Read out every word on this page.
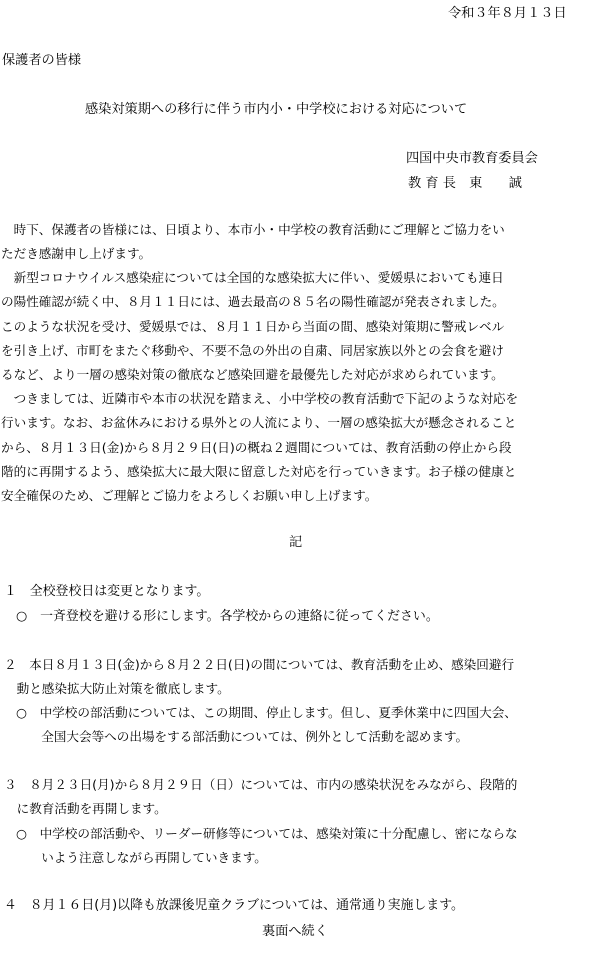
令和３年８月１３日

保護者の皆様

感染対策期への移行に伴う市内小・中学校における対応について

四国中央市教育委員会

教 育 長　東　　誠

　時下、保護者の皆様には、日頃より、本市小・中学校の教育活動にご理解とご協力をい

ただき感謝申し上げます。

　新型コロナウイルス感染症については全国的な感染拡大に伴い、愛媛県においても連日

の陽性確認が続く中、８月１１日には、過去最高の８５名の陽性確認が発表されました。

このような状況を受け、愛媛県では、８月１１日から当面の間、感染対策期に警戒レベル

を引き上げ、市町をまたぐ移動や、不要不急の外出の自粛、同居家族以外との会食を避け

るなど、より一層の感染対策の徹底など感染回避を最優先した対応が求められています。

　つきましては、近隣市や本市の状況を踏まえ、小中学校の教育活動で下記のような対応を

行います。なお、お盆休みにおける県外との人流により、一層の感染拡大が懸念されること

から、８月１３日(金)から８月２９日(日)の概ね２週間については、教育活動の停止から段

階的に再開するよう、感染拡大に最大限に留意した対応を行っていきます。お子様の健康と

安全確保のため、ご理解とご協力をよろしくお願い申し上げます。

記

１　全校登校日は変更となります。

○　一斉登校を避ける形にします。各学校からの連絡に従ってください。

２　本日８月１３日(金)から８月２２日(日)の間については、教育活動を止め、感染回避行

　動と感染拡大防止対策を徹底します。

○　中学校の部活動については、この期間、停止します。但し、夏季休業中に四国大会、

　　全国大会等への出場をする部活動については、例外として活動を認めます。

３　８月２３日(月)から８月２９日（日）については、市内の感染状況をみながら、段階的

　に教育活動を再開します。

○　中学校の部活動や、リーダー研修等については、感染対策に十分配慮し、密にならな

　　いよう注意しながら再開していきます。

４　８月１６日(月)以降も放課後児童クラブについては、通常通り実施します。

裏面へ続く
